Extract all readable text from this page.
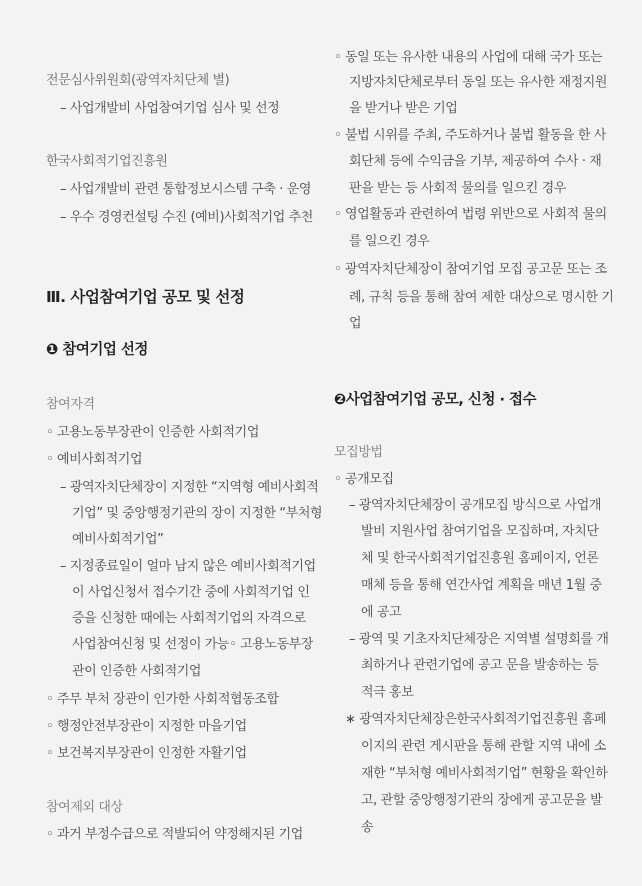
전문심사위원회(광역자치단체 별)
– 사업개발비 사업참여기업 심사 및 선정
한국사회적기업진흥원
– 사업개발비 관련 통합정보시스템 구축 · 운영
– 우수 경영컨설팅 수진 (예비)사회적기업 추천
Ⅲ. 사업참여기업 공모 및 선정
❶ 참여기업 선정
참여자격
◦ 고용노동부장관이 인증한 사회적기업
◦ 예비사회적기업
– 광역자치단체장이 지정한 “지역형 예비사회적
기업” 및 중앙행정기관의 장이 지정한 “부처형
예비사회적기업”
– 지정종료일이 얼마 남지 않은 예비사회적기업
이 사업신청서 접수기간 중에 사회적기업 인
증을 신청한 때에는 사회적기업의 자격으로
사업참여신청 및 선정이 가능◦ 고용노동부장
관이 인증한 사회적기업
◦ 주무 부처 장관이 인가한 사회적협동조합
◦ 행정안전부장관이 지정한 마을기업
◦ 보건복지부장관이 인정한 자활기업
참여제외 대상
◦ 과거 부정수급으로 적발되어 약정해지된 기업
◦ 동일 또는 유사한 내용의 사업에 대해 국가 또는
지방자치단체로부터 동일 또는 유사한 재정지원
을 받거나 받은 기업
◦ 불법 시위를 주최, 주도하거나 불법 활동을 한 사
회단체 등에 수익금을 기부, 제공하여 수사 · 재
판을 받는 등 사회적 물의를 일으킨 경우
◦ 영업활동과 관련하여 법령 위반으로 사회적 물의
를 일으킨 경우
◦ 광역자치단체장이 참여기업 모집 공고문 또는 조
례, 규칙 등을 통해 참여 제한 대상으로 명시한 기
업
❷사업참여기업 공모, 신청 · 접수
모집방법
◦ 공개모집
– 광역자치단체장이 공개모집 방식으로 사업개
발비 지원사업 참여기업을 모집하며, 자치단
체 및 한국사회적기업진흥원 홈페이지, 언론
매체 등을 통해 연간사업 계획을 매년 1월 중
에 공고
– 광역 및 기초자치단체장은 지역별 설명회를 개
최하거나 관련기업에 공고 문을 발송하는 등
적극 홍보
∗ 광역자치단체장은한국사회적기업진흥원 홈페
이지의 관련 게시판을 통해 관할 지역 내에 소
재한 “부처형 예비사회적기업” 현황을 확인하
고, 관할 중앙행정기관의 장에게 공고문을 발
송
